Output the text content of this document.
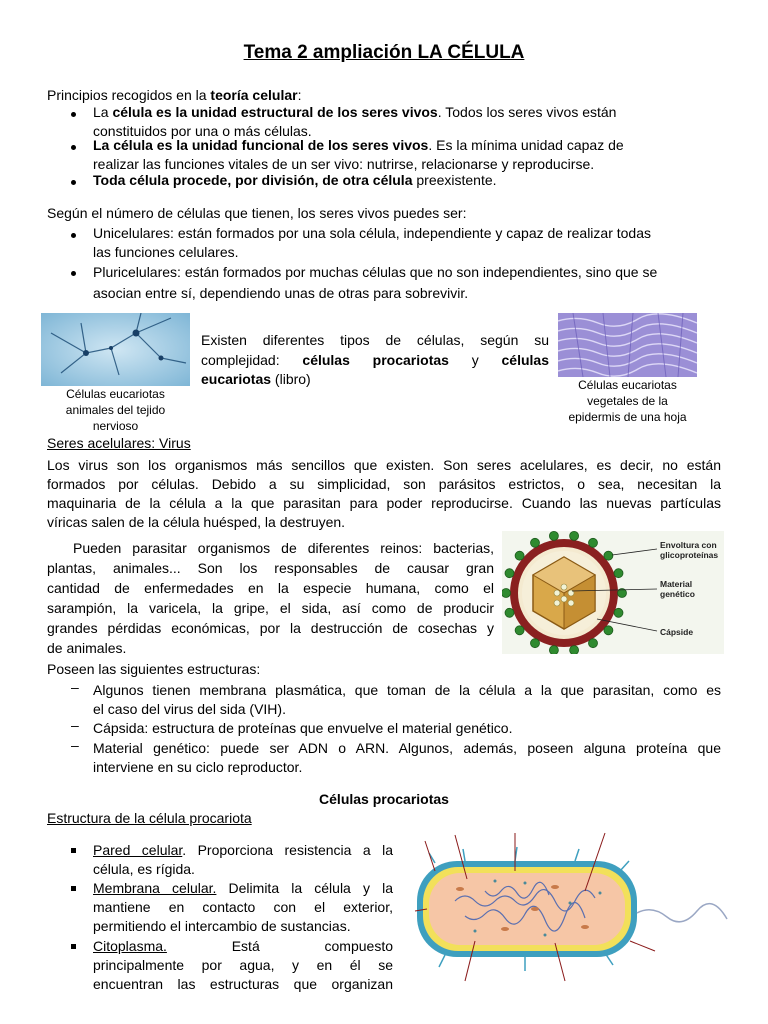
Tema 2 ampliación LA CÉLULA
Principios recogidos en la teoría celular:
La célula es la unidad estructural de los seres vivos. Todos los seres vivos están
constituidos por una o más células.
La célula es la unidad funcional de los seres vivos. Es la mínima unidad capaz de
realizar las funciones vitales de un ser vivo: nutrirse, relacionarse y reproducirse.
Toda célula procede, por división, de otra célula preexistente.
Según el número de células que tienen, los seres vivos puedes ser:
Unicelulares: están formados por una sola célula, independiente y capaz de realizar todas
las funciones celulares.
Pluricelulares: están formados por muchas células que no son independientes, sino que se
asocian entre sí, dependiendo unas de otras para sobrevivir.
Células eucariotas
animales del tejido
nervioso
Existen diferentes tipos de células, según su
complejidad: células procariotas y células
eucariotas (libro)	Células eucariotas
vegetales de la
epidermis de una hoja
Seres acelulares: Virus
Los virus son los organismos más sencillos que existen. Son seres acelulares, es decir, no están
formados por células. Debido a su simplicidad, son parásitos estrictos, o sea, necesitan la
maquinaria de la célula a la que parasitan para poder reproducirse. Cuando las nuevas partículas
víricas salen de la célula huésped, la destruyen.
Pueden parasitar organismos de diferentes reinos: bacterias,
plantas, animales... Son los responsables de causar gran
cantidad de enfermedades en la especie humana, como el
sarampión, la varicela, la gripe, el sida, así como de producir
grandes pérdidas económicas, por la destrucción de cosechas y
de animales.
Envoltura con
glicoproteínas
Material
genético
Cápside
Poseen las siguientes estructuras:
– Algunos tienen membrana plasmática, que toman de la célula a la que parasitan, como es
el caso del virus del sida (VIH).
– Cápsida: estructura de proteínas que envuelve el material genético.
– Material genético: puede ser ADN o ARN. Algunos, además, poseen alguna proteína que
interviene en su ciclo reproductor.
Células procariotas
Estructura de la célula procariota
Pared celular. Proporciona resistencia a la
célula, es rígida.
Membrana celular. Delimita la célula y la
mantiene en contacto con el exterior,
permitiendo el intercambio de sustancias.
Citoplasma. Está compuesto
principalmente por agua, y en él se
encuentran las estructuras que organizan
